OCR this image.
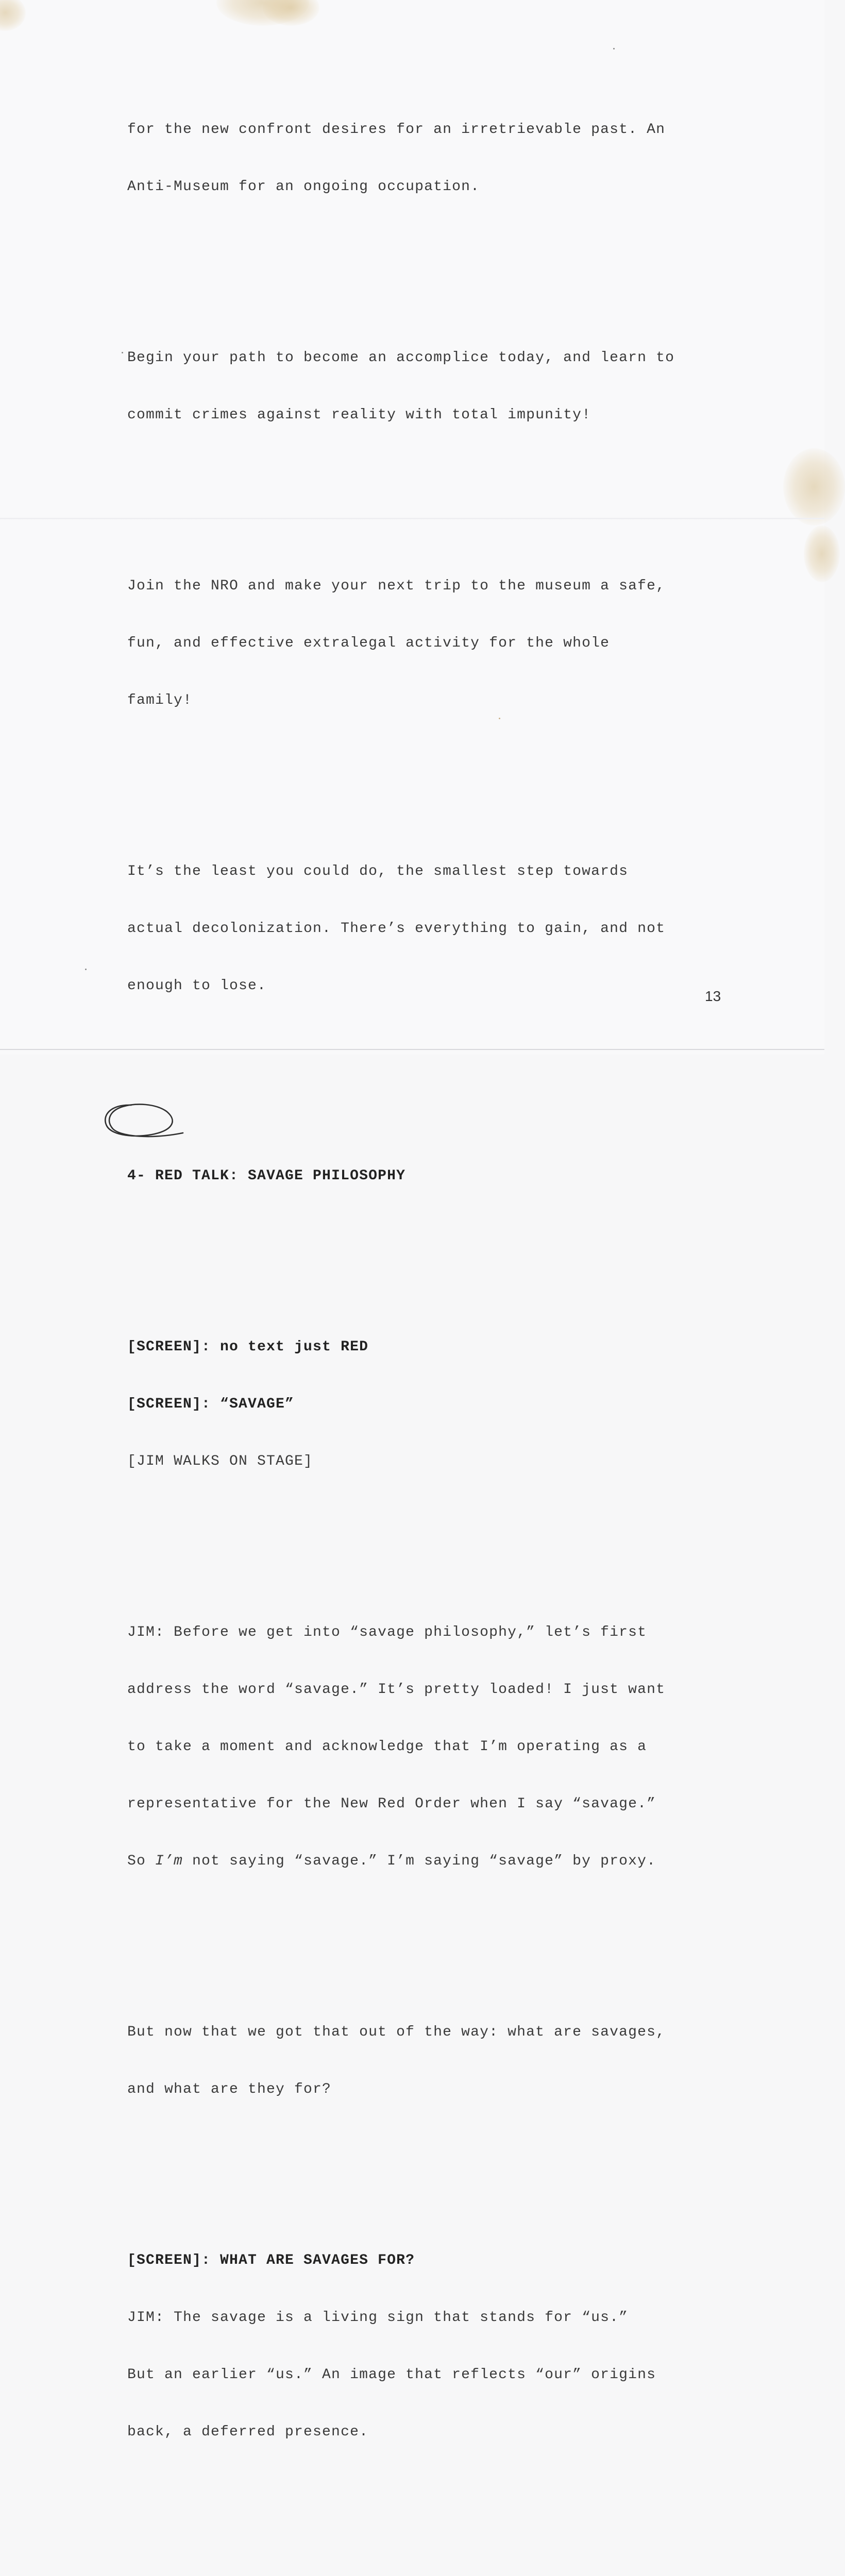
for the new confront desires for an irretrievable past. An

Anti-Museum for an ongoing occupation.

Begin your path to become an accomplice today, and learn to

commit crimes against reality with total impunity!

Join the NRO and make your next trip to the museum a safe,

fun, and effective extralegal activity for the whole

family!

It’s the least you could do, the smallest step towards

actual decolonization. There’s everything to gain, and not

enough to lose.

4- RED TALK: SAVAGE PHILOSOPHY

[SCREEN]: no text just RED

[SCREEN]: “SAVAGE”

[JIM WALKS ON STAGE]

JIM: Before we get into “savage philosophy,” let’s first

address the word “savage.” It’s pretty loaded! I just want

to take a moment and acknowledge that I’m operating as a

representative for the New Red Order when I say “savage.”

So I’m not saying “savage.” I’m saying “savage” by proxy.

But now that we got that out of the way: what are savages,

and what are they for?

[SCREEN]: WHAT ARE SAVAGES FOR?

JIM: The savage is a living sign that stands for “us.”

But an earlier “us.” An image that reflects “our” origins

back, a deferred presence.

13
